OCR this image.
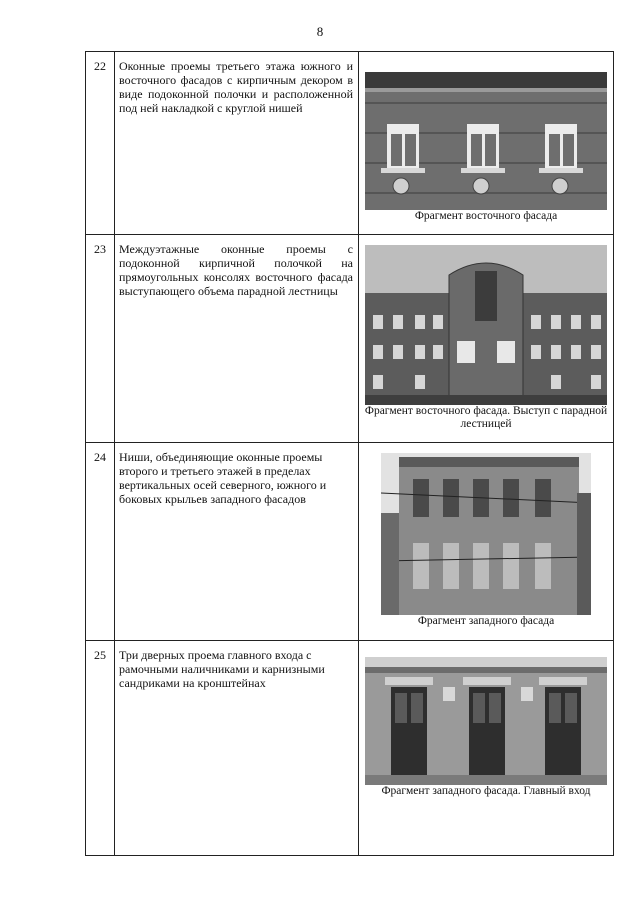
8
22	Оконные проемы третьего этажа южного и восточного фасадов с кирпичным декором в виде подоконной полочки и расположенной под ней накладкой с круглой нишей	Фрагмент восточного фасада

23	Междуэтажные оконные проемы с подоконной кирпичной полочкой на прямоугольных консолях восточного фасада выступающего объема парадной лестницы	Фрагмент восточного фасада. Выступ с парадной лестницей

24	Ниши, объединяющие оконные проемы второго и третьего этажей в пределах вертикальных осей северного, южного и боковых крыльев западного фасадов	Фрагмент западного фасада

25	Три дверных проема главного входа с рамочными наличниками и карнизными сандриками на кронштейнах	Фрагмент западного фасада. Главный вход
